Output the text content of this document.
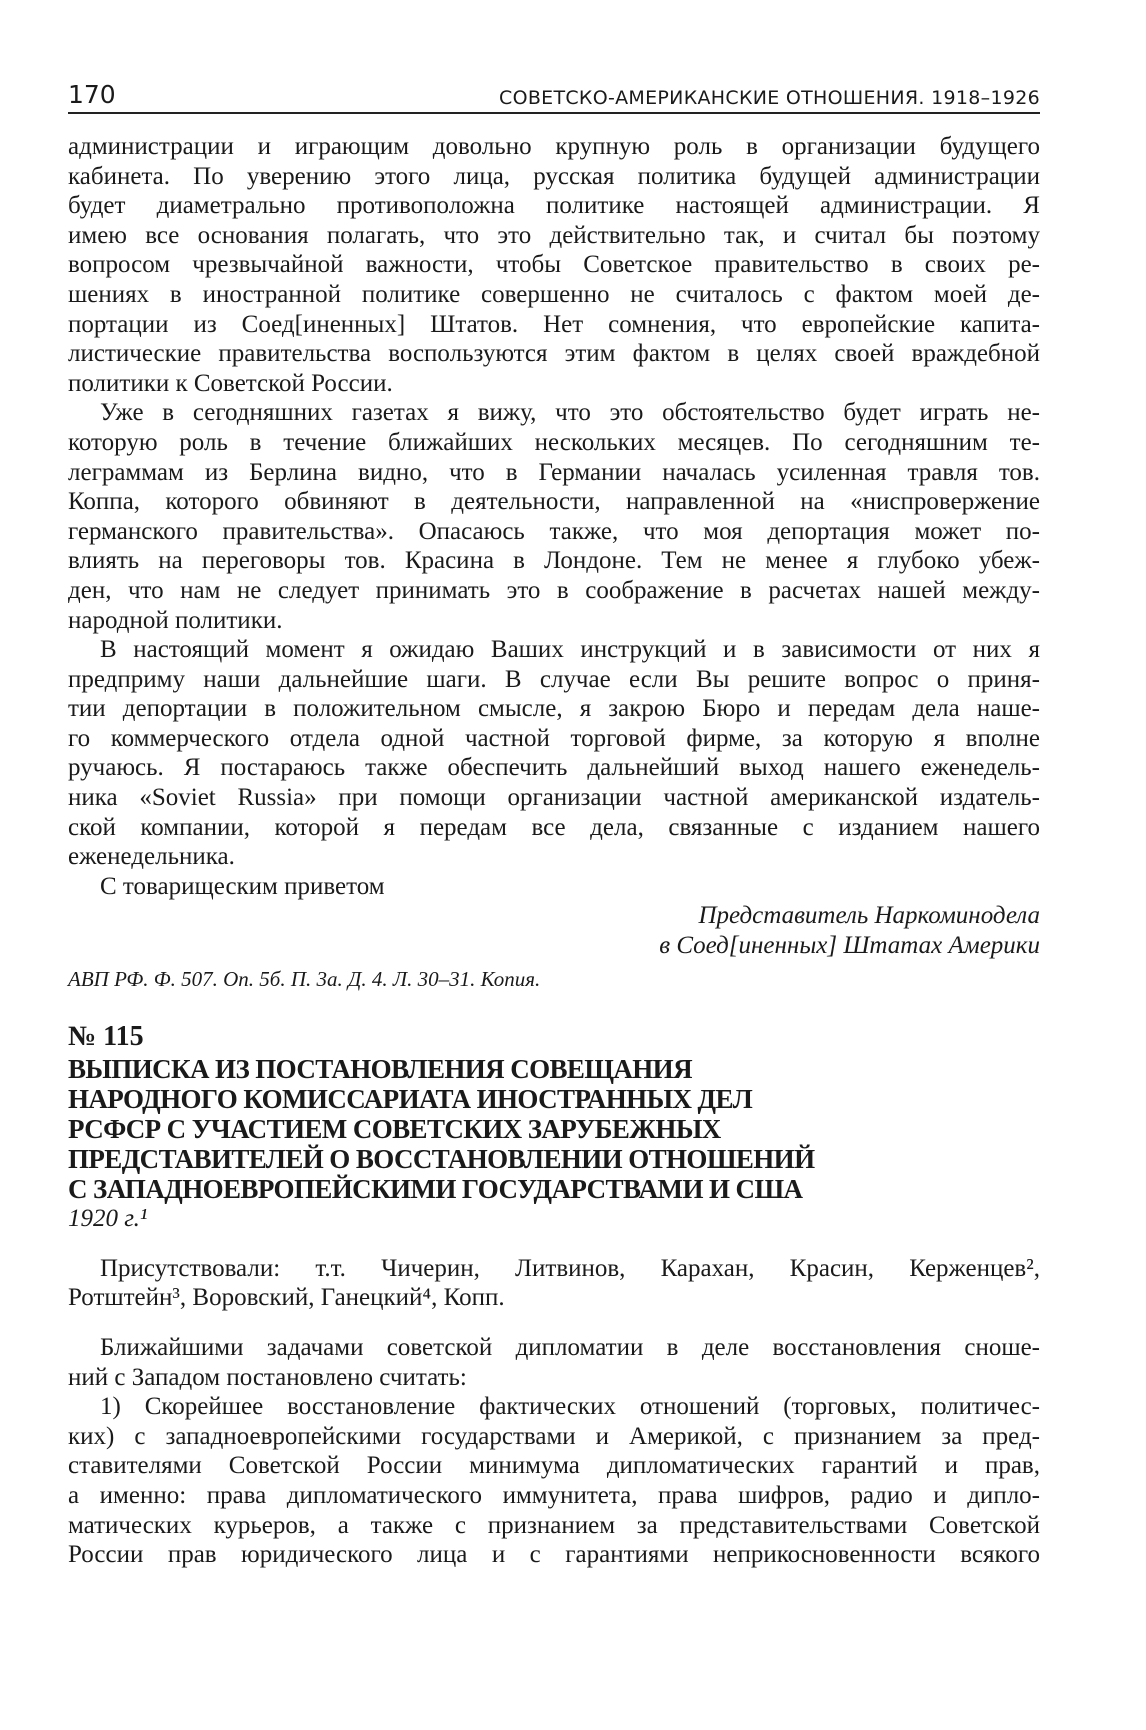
170	СОВЕТСКО-АМЕРИКАНСКИЕ ОТНОШЕНИЯ. 1918–1926
администрации и играющим довольно крупную роль в организации будущего
кабинета. По уверению этого лица, русская политика будущей администрации
будет диаметрально противоположна политике настоящей администрации. Я
имею все основания полагать, что это действительно так, и считал бы поэтому
вопросом чрезвычайной важности, чтобы Советское правительство в своих ре-
шениях в иностранной политике совершенно не считалось с фактом моей де-
портации из Соед[иненных] Штатов. Нет сомнения, что европейские капита-
листические правительства воспользуются этим фактом в целях своей враждебной
политики к Советской России.
Уже в сегодняшних газетах я вижу, что это обстоятельство будет играть не-
которую роль в течение ближайших нескольких месяцев. По сегодняшним те-
леграммам из Берлина видно, что в Германии началась усиленная травля тов.
Коппа, которого обвиняют в деятельности, направленной на «ниспровержение
германского правительства». Опасаюсь также, что моя депортация может по-
влиять на переговоры тов. Красина в Лондоне. Тем не менее я глубоко убеж-
ден, что нам не следует принимать это в соображение в расчетах нашей между-
народной политики.
В настоящий момент я ожидаю Ваших инструкций и в зависимости от них я
предприму наши дальнейшие шаги. В случае если Вы решите вопрос о приня-
тии депортации в положительном смысле, я закрою Бюро и передам дела наше-
го коммерческого отдела одной частной торговой фирме, за которую я вполне
ручаюсь. Я постараюсь также обеспечить дальнейший выход нашего еженедель-
ника «Soviet Russia» при помощи организации частной американской издатель-
ской компании, которой я передам все дела, связанные с изданием нашего
еженедельника.
С товарищеским приветом
Представитель Наркоминодела
в Соед[иненных] Штатах Америки
АВП РФ. Ф. 507. Оп. 5б. П. 3а. Д. 4. Л. 30–31. Копия.
№ 115
ВЫПИСКА ИЗ ПОСТАНОВЛЕНИЯ СОВЕЩАНИЯ
НАРОДНОГО КОМИССАРИАТА ИНОСТРАННЫХ ДЕЛ
РСФСР С УЧАСТИЕМ СОВЕТСКИХ ЗАРУБЕЖНЫХ
ПРЕДСТАВИТЕЛЕЙ О ВОССТАНОВЛЕНИИ ОТНОШЕНИЙ
С ЗАПАДНОЕВРОПЕЙСКИМИ ГОСУДАРСТВАМИ И США
1920 г.¹
Присутствовали: т.т. Чичерин, Литвинов, Карахан, Красин, Керженцев²,
Ротштейн³, Воровский, Ганецкий⁴, Копп.
Ближайшими задачами советской дипломатии в деле восстановления сноше-
ний с Западом постановлено считать:
1) Скорейшее восстановление фактических отношений (торговых, политичес-
ких) с западноевропейскими государствами и Америкой, с признанием за пред-
ставителями Советской России минимума дипломатических гарантий и прав,
а именно: права дипломатического иммунитета, права шифров, радио и дипло-
матических курьеров, а также с признанием за представительствами Советской
России прав юридического лица и с гарантиями неприкосновенности всякого
